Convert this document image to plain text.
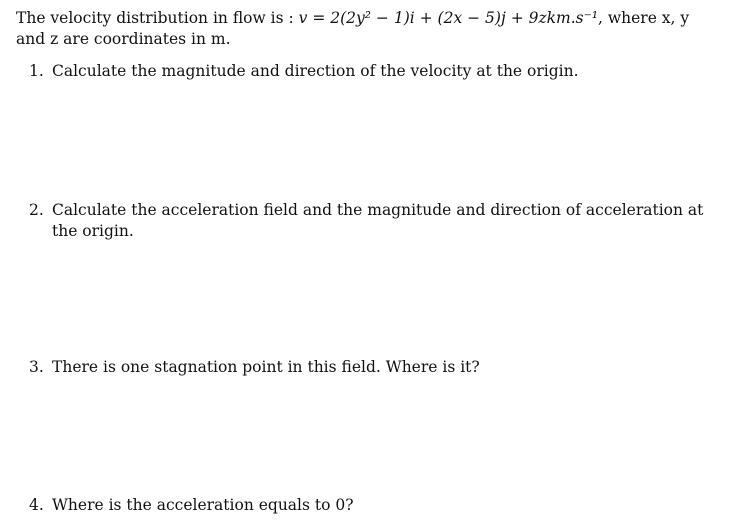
The velocity distribution in flow is : v = 2(2y² − 1)i + (2x − 5)j + 9zkm.s⁻¹, where x, y and z are coordinates in m.
1. Calculate the magnitude and direction of the velocity at the origin.
2. Calculate the acceleration field and the magnitude and direction of acceleration at the origin.
3. There is one stagnation point in this field. Where is it?
4. Where is the acceleration equals to 0?
